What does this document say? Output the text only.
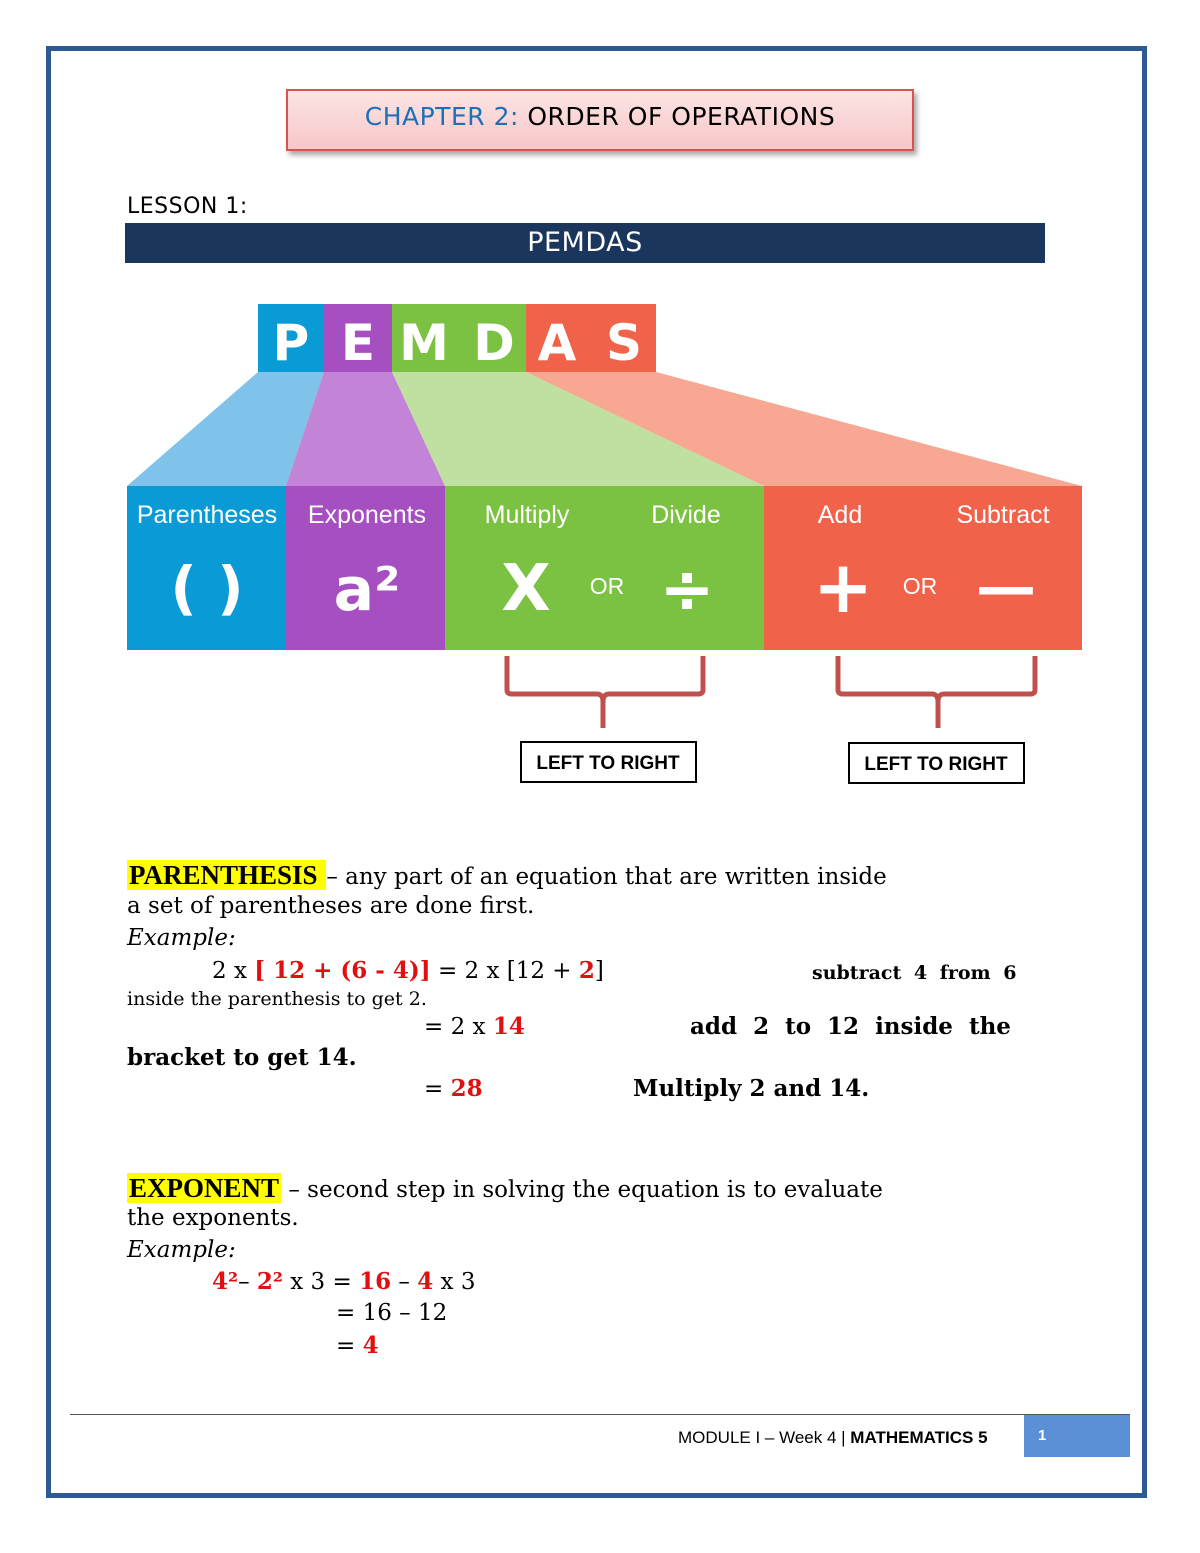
CHAPTER 2: ORDER OF OPERATIONS
LESSON 1:
PEMDAS
P E M D A S
Parentheses Exponents Multiply	Divide	Add	Subtract
( ) a² X ÷ + —
OR	OR
LEFT TO RIGHT	LEFT TO RIGHT
PARENTHESIS – any part of an equation that are written inside
a set of parentheses are done first.
Example:
2 x [ 12 + (6 - 4)] = 2 x [12 + 2]	subtract 4 from 6
inside the parenthesis to get 2.
= 2 x 14	add 2 to 12 inside the
bracket to get 14.
= 28	Multiply 2 and 14.
EXPONENT – second step in solving the equation is to evaluate
the exponents.
Example:
4²– 2² x 3 = 16 – 4 x 3
= 16 – 12
= 4
MODULE I – Week 4 | MATHEMATICS 5	1
